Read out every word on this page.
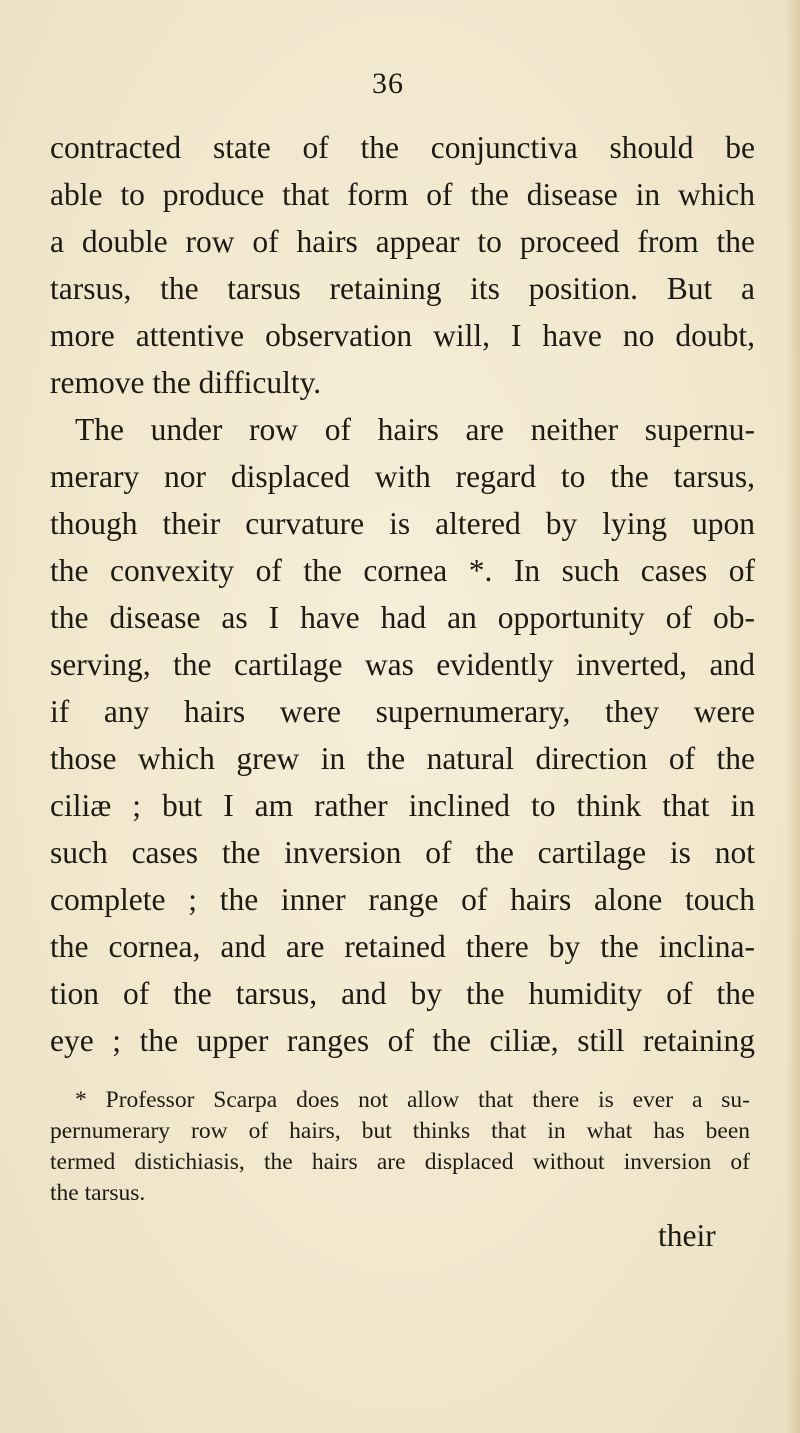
36
contracted state of the conjunctiva should be
able to produce that form of the disease in which
a double row of hairs appear to proceed from the
tarsus, the tarsus retaining its position. But a
more attentive observation will, I have no doubt,
remove the difficulty.
The under row of hairs are neither supernu-
merary nor displaced with regard to the tarsus,
though their curvature is altered by lying upon
the convexity of the cornea *. In such cases of
the disease as I have had an opportunity of ob-
serving, the cartilage was evidently inverted, and
if any hairs were supernumerary, they were
those which grew in the natural direction of the
ciliæ ; but I am rather inclined to think that in
such cases the inversion of the cartilage is not
complete ; the inner range of hairs alone touch
the cornea, and are retained there by the inclina-
tion of the tarsus, and by the humidity of the
eye ; the upper ranges of the ciliæ, still retaining
* Professor Scarpa does not allow that there is ever a su-
pernumerary row of hairs, but thinks that in what has been
termed distichiasis, the hairs are displaced without inversion of
the tarsus.
their
